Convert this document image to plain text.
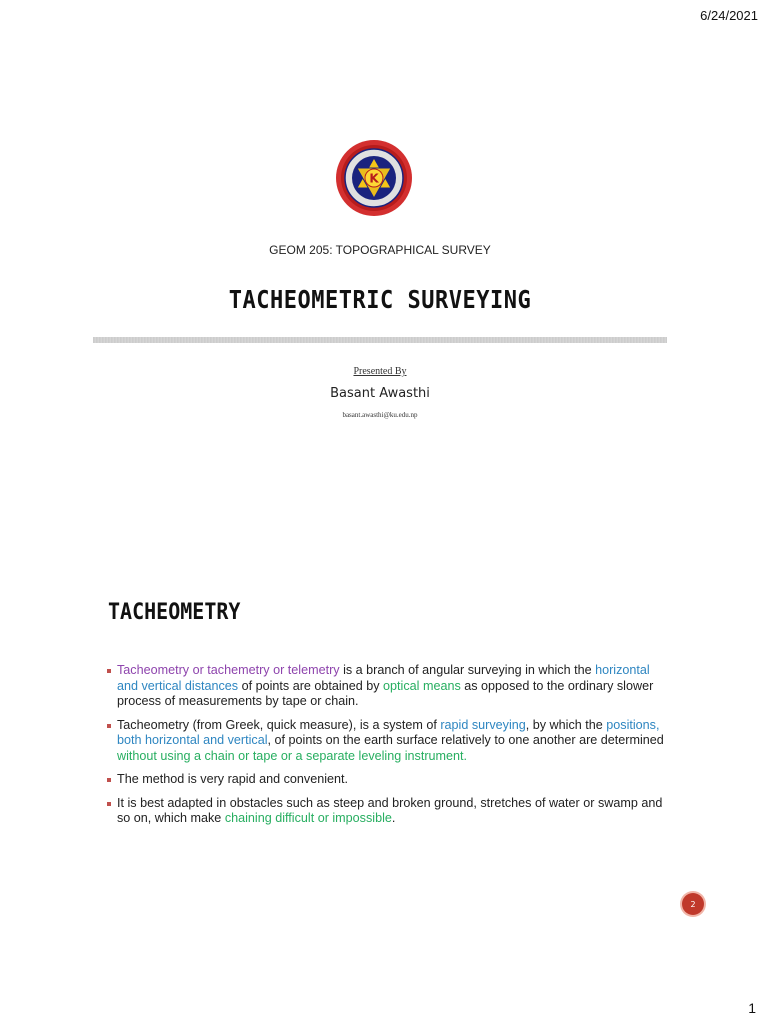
6/24/2021
K
GEOM 205: TOPOGRAPHICAL SURVEY
TACHEOMETRIC SURVEYING
Presented By
Basant Awasthi
basant.awasthi@ku.edu.np
TACHEOMETRY
Tacheometry or tachemetry or telemetry is a branch of angular surveying in which the horizontal and vertical distances of points are obtained by optical means as opposed to the ordinary slower process of measurements by tape or chain.
Tacheometry (from Greek, quick measure), is a system of rapid surveying, by which the positions, both horizontal and vertical, of points on the earth surface relatively to one another are determined without using a chain or tape or a separate leveling instrument.
The method is very rapid and convenient.
It is best adapted in obstacles such as steep and broken ground, stretches of water or swamp and so on, which make chaining difficult or impossible.
2
1
